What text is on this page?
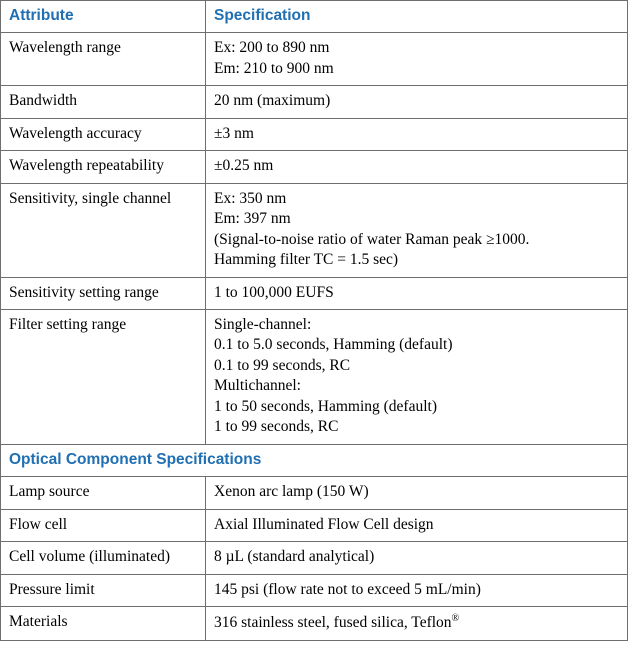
Attribute	Specification
Wavelength range	Ex: 200 to 890 nm
Em: 210 to 900 nm

Bandwidth	20 nm (maximum)

Wavelength accuracy	±3 nm

Wavelength repeatability	±0.25 nm

Sensitivity, single channel	Ex: 350 nm
Em: 397 nm
(Signal-to-noise ratio of water Raman peak ≥1000.
Hamming filter TC = 1.5 sec)

Sensitivity setting range	1 to 100,000 EUFS

Filter setting range	Single-channel:
0.1 to 5.0 seconds, Hamming (default)
0.1 to 99 seconds, RC
Multichannel:
1 to 50 seconds, Hamming (default)
1 to 99 seconds, RC

Optical Component Specifications	
Lamp source	Xenon arc lamp (150 W)

Flow cell	Axial Illuminated Flow Cell design

Cell volume (illuminated)	8 µL (standard analytical)

Pressure limit	145 psi (flow rate not to exceed 5 mL/min)

Materials	316 stainless steel, fused silica, Teflon®
